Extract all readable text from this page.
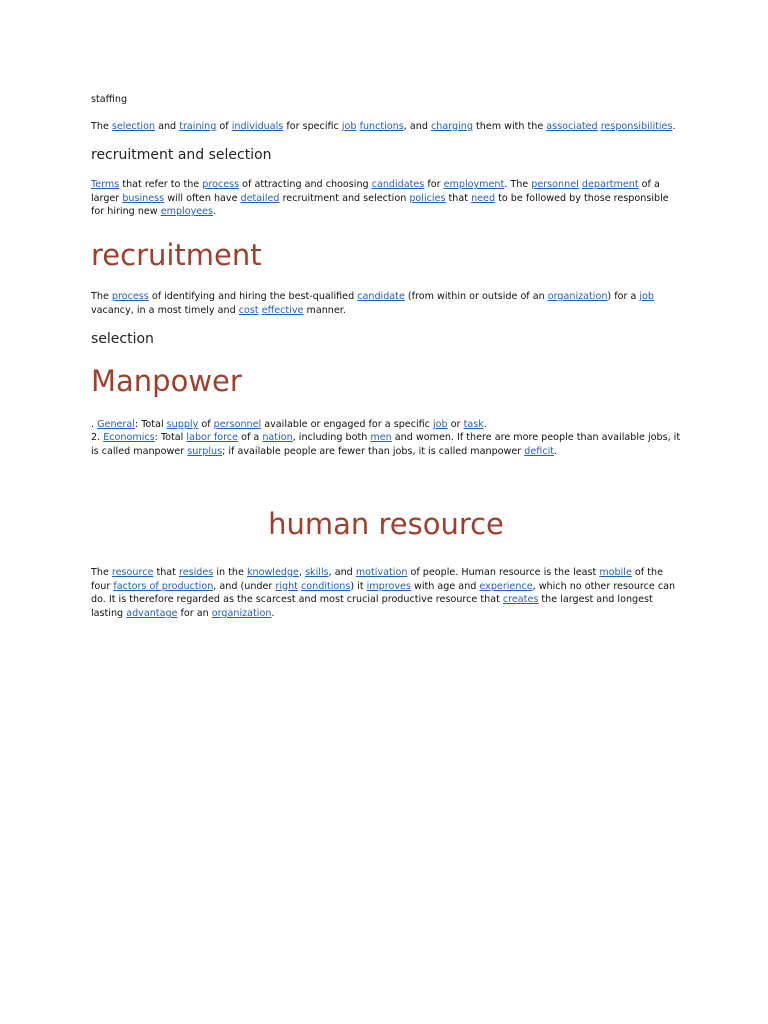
staffing

The selection and training of individuals for specific job functions, and charging them with the associated responsibilities.

recruitment and selection

Terms that refer to the process of attracting and choosing candidates for employment. The personnel department of a larger business will often have detailed recruitment and selection policies that need to be followed by those responsible for hiring new employees.

recruitment

The process of identifying and hiring the best-qualified candidate (from within or outside of an organization) for a job vacancy, in a most timely and cost effective manner.

selection
Manpower

. General: Total supply of personnel available or engaged for a specific job or task.

2. Economics: Total labor force of a nation, including both men and women. If there are more people than available jobs, it is called manpower surplus; if available people are fewer than jobs, it is called manpower deficit.

human resource

The resource that resides in the knowledge, skills, and motivation of people. Human resource is the least mobile of the four factors of production, and (under right conditions) it improves with age and experience, which no other resource can do. It is therefore regarded as the scarcest and most crucial productive resource that creates the largest and longest lasting advantage for an organization.
